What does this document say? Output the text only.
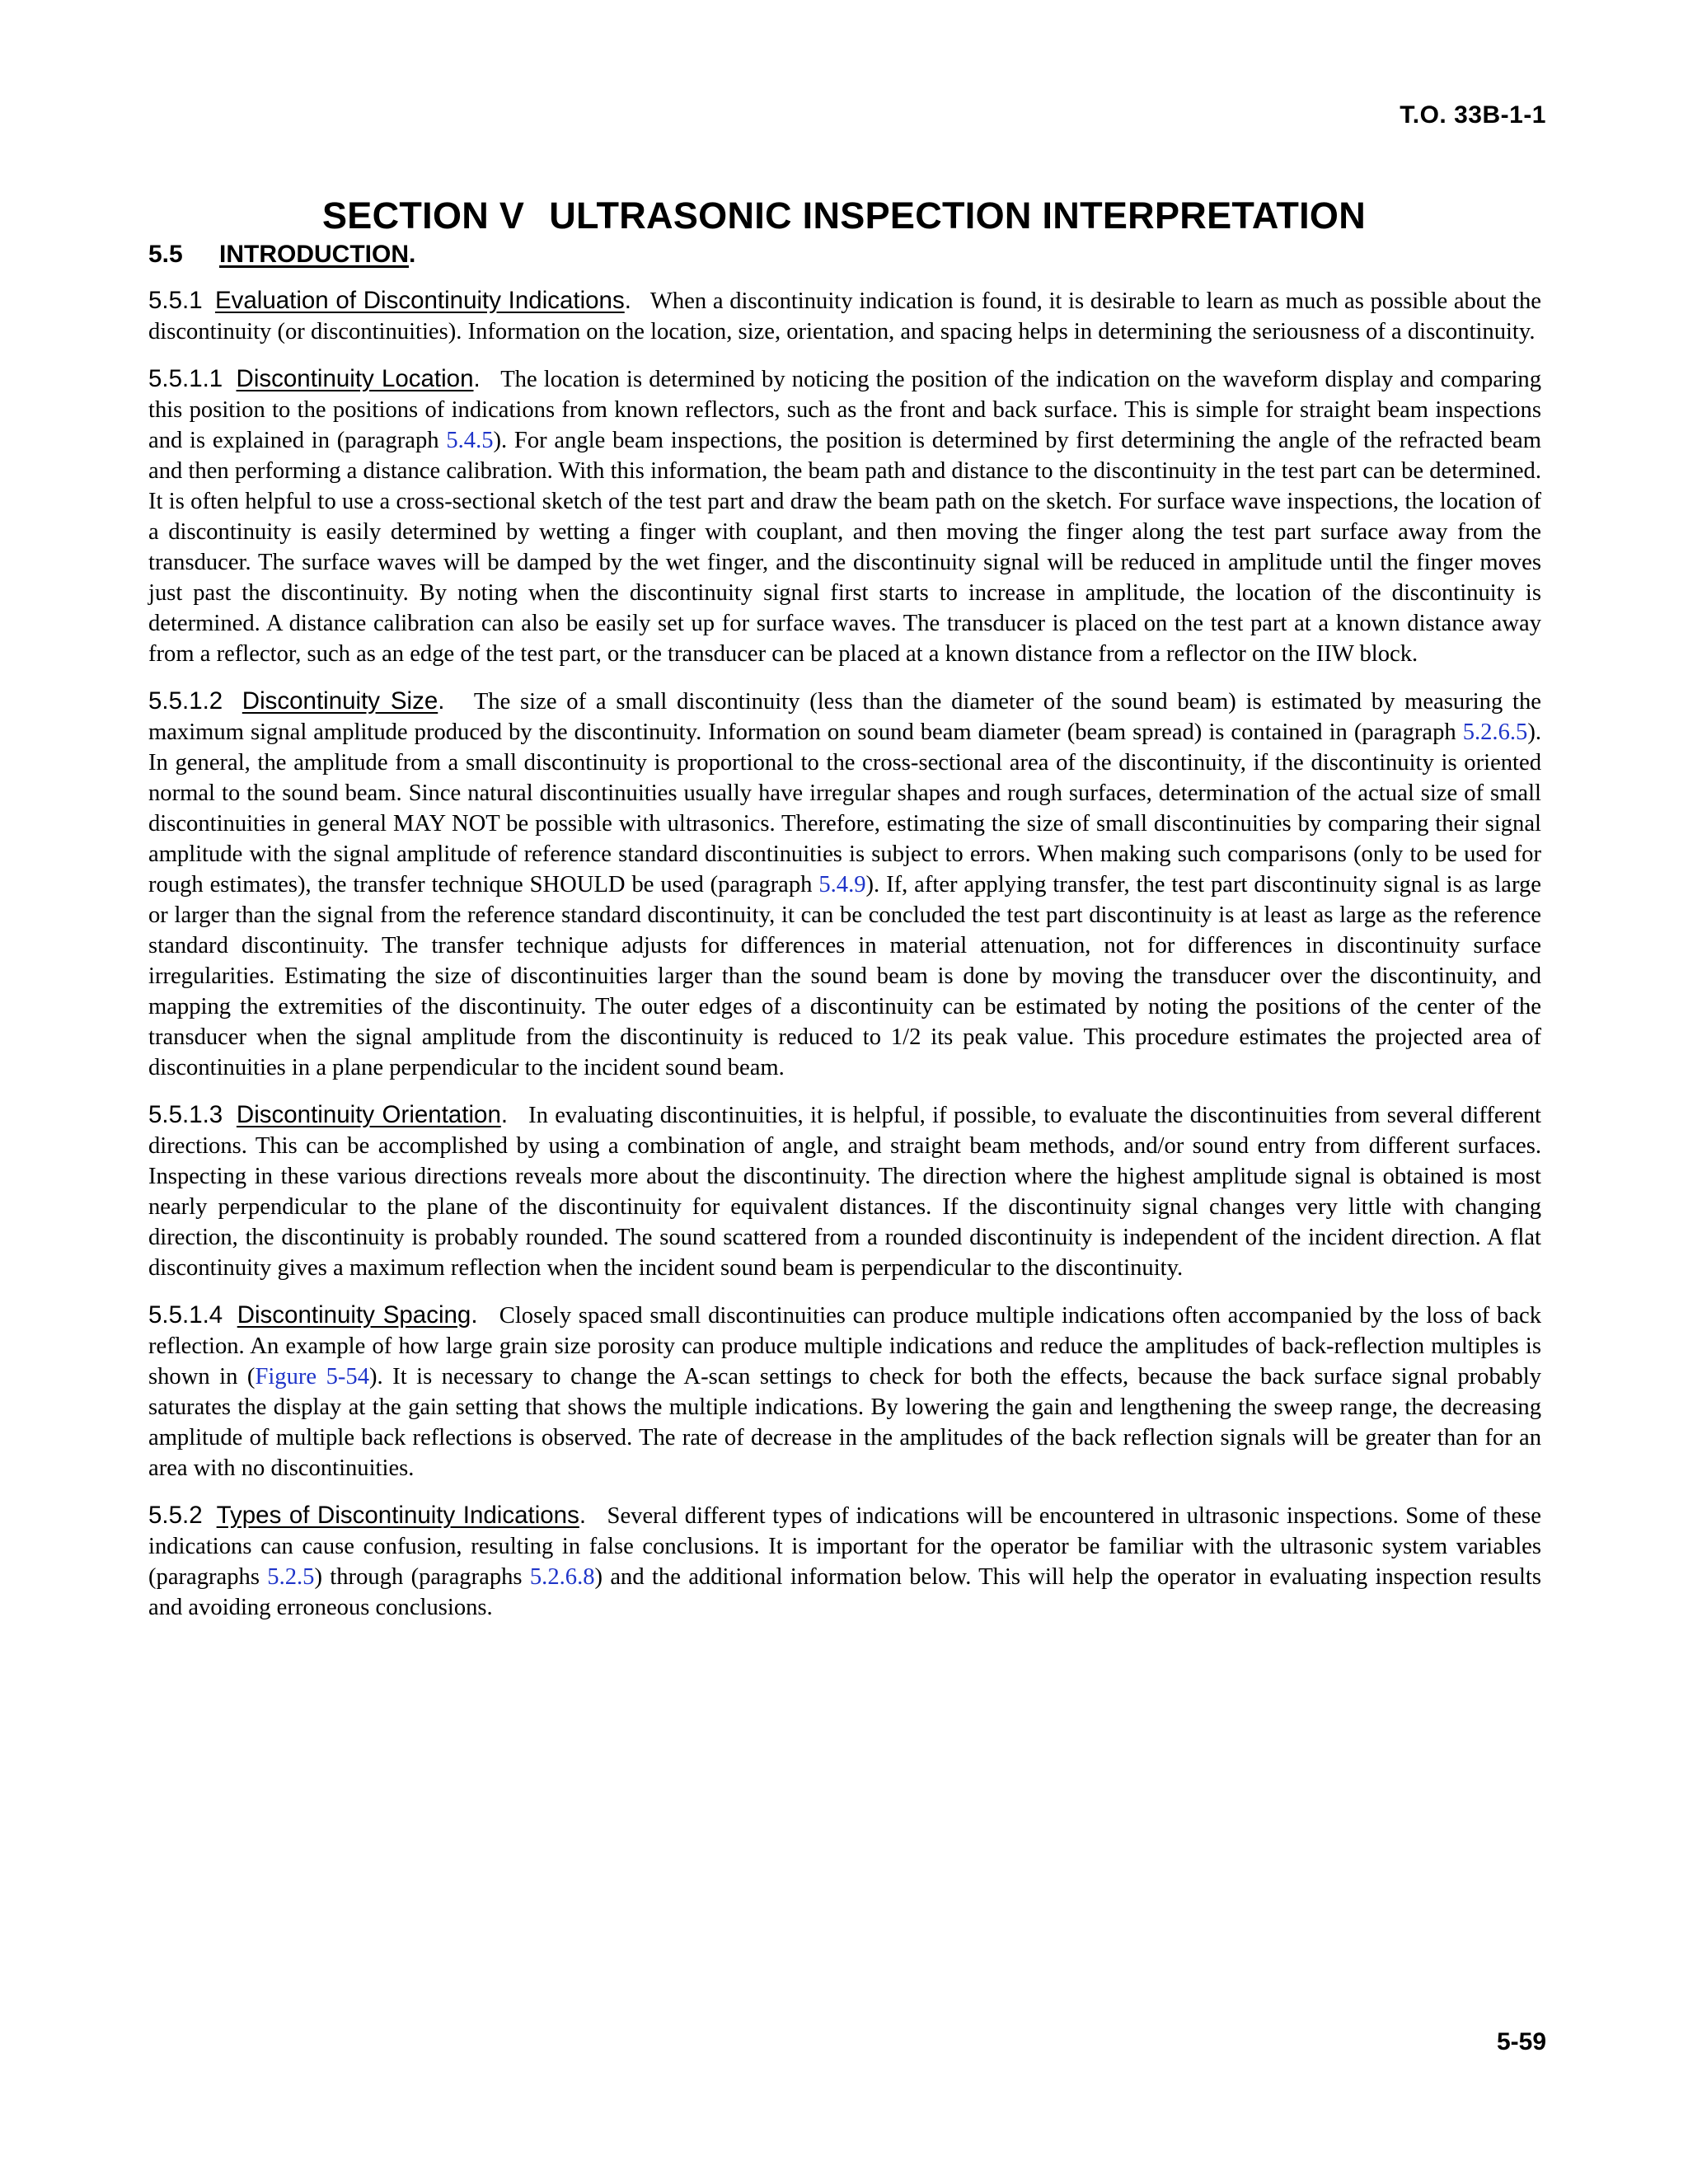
T.O. 33B-1-1
SECTION V ULTRASONIC INSPECTION INTERPRETATION
5.5 INTRODUCTION.

5.5.1 Evaluation of Discontinuity Indications. When a discontinuity indication is found, it is desirable to learn as much as possible about the discontinuity (or discontinuities). Information on the location, size, orientation, and spacing helps in determining the seriousness of a discontinuity.

5.5.1.1 Discontinuity Location. The location is determined by noticing the position of the indication on the waveform display and comparing this position to the positions of indications from known reflectors, such as the front and back surface. This is simple for straight beam inspections and is explained in (paragraph 5.4.5). For angle beam inspections, the position is determined by first determining the angle of the refracted beam and then performing a distance calibration. With this information, the beam path and distance to the discontinuity in the test part can be determined. It is often helpful to use a cross-sectional sketch of the test part and draw the beam path on the sketch. For surface wave inspections, the location of a discontinuity is easily determined by wetting a finger with couplant, and then moving the finger along the test part surface away from the transducer. The surface waves will be damped by the wet finger, and the discontinuity signal will be reduced in amplitude until the finger moves just past the discontinuity. By noting when the discontinuity signal first starts to increase in amplitude, the location of the discontinuity is determined. A distance calibration can also be easily set up for surface waves. The transducer is placed on the test part at a known distance away from a reflector, such as an edge of the test part, or the transducer can be placed at a known distance from a reflector on the IIW block.

5.5.1.2 Discontinuity Size. The size of a small discontinuity (less than the diameter of the sound beam) is estimated by measuring the maximum signal amplitude produced by the discontinuity. Information on sound beam diameter (beam spread) is contained in (paragraph 5.2.6.5). In general, the amplitude from a small discontinuity is proportional to the cross-sectional area of the discontinuity, if the discontinuity is oriented normal to the sound beam. Since natural discontinuities usually have irregular shapes and rough surfaces, determination of the actual size of small discontinuities in general MAY NOT be possible with ultrasonics. Therefore, estimating the size of small discontinuities by comparing their signal amplitude with the signal amplitude of reference standard discontinuities is subject to errors. When making such comparisons (only to be used for rough estimates), the transfer technique SHOULD be used (paragraph 5.4.9). If, after applying transfer, the test part discontinuity signal is as large or larger than the signal from the reference standard discontinuity, it can be concluded the test part discontinuity is at least as large as the reference standard discontinuity. The transfer technique adjusts for differences in material attenuation, not for differences in discontinuity surface irregularities. Estimating the size of discontinuities larger than the sound beam is done by moving the transducer over the discontinuity, and mapping the extremities of the discontinuity. The outer edges of a discontinuity can be estimated by noting the positions of the center of the transducer when the signal amplitude from the discontinuity is reduced to 1/2 its peak value. This procedure estimates the projected area of discontinuities in a plane perpendicular to the incident sound beam.

5.5.1.3 Discontinuity Orientation. In evaluating discontinuities, it is helpful, if possible, to evaluate the discontinuities from several different directions. This can be accomplished by using a combination of angle, and straight beam methods, and/or sound entry from different surfaces. Inspecting in these various directions reveals more about the discontinuity. The direction where the highest amplitude signal is obtained is most nearly perpendicular to the plane of the discontinuity for equivalent distances. If the discontinuity signal changes very little with changing direction, the discontinuity is probably rounded. The sound scattered from a rounded discontinuity is independent of the incident direction. A flat discontinuity gives a maximum reflection when the incident sound beam is perpendicular to the discontinuity.

5.5.1.4 Discontinuity Spacing. Closely spaced small discontinuities can produce multiple indications often accompanied by the loss of back reflection. An example of how large grain size porosity can produce multiple indications and reduce the amplitudes of back-reflection multiples is shown in (Figure 5-54). It is necessary to change the A-scan settings to check for both the effects, because the back surface signal probably saturates the display at the gain setting that shows the multiple indications. By lowering the gain and lengthening the sweep range, the decreasing amplitude of multiple back reflections is observed. The rate of decrease in the amplitudes of the back reflection signals will be greater than for an area with no discontinuities.

5.5.2 Types of Discontinuity Indications. Several different types of indications will be encountered in ultrasonic inspections. Some of these indications can cause confusion, resulting in false conclusions. It is important for the operator be familiar with the ultrasonic system variables (paragraphs 5.2.5) through (paragraphs 5.2.6.8) and the additional information below. This will help the operator in evaluating inspection results and avoiding erroneous conclusions.

5-59
